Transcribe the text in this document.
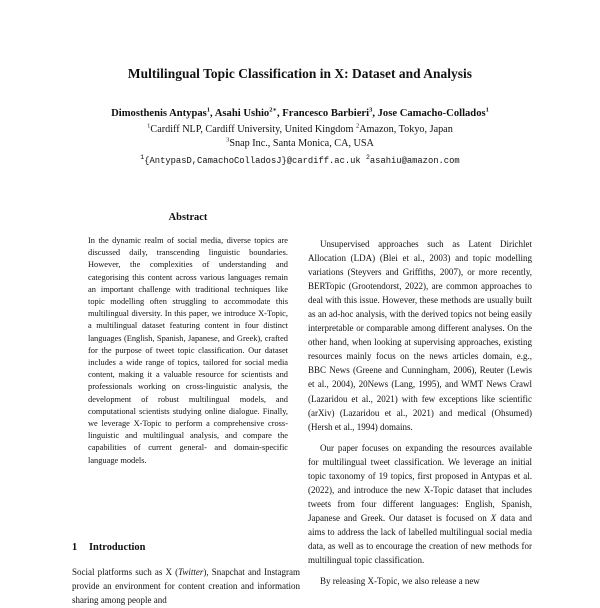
Multilingual Topic Classification in X: Dataset and Analysis
Dimosthenis Antypas$^1$, Asahi Ushio$^{2∗}$, Francesco Barbieri$^3$, Jose Camacho-Collados$^1$
$^1$Cardiff NLP, Cardiff University, United Kingdom $^2$Amazon, Tokyo, Japan
$^3$Snap Inc., Santa Monica, CA, USA
$^1${AntypasD,CamachoColladosJ}@cardiff.ac.uk $^2$asahiu@amazon.com
Abstract
In the dynamic realm of social media, diverse topics are discussed daily, transcending linguistic boundaries. However, the complexities of understanding and categorising this content across various languages remain an important challenge with traditional techniques like topic modelling often struggling to accommodate this multilingual diversity. In this paper, we introduce X-Topic, a multilingual dataset featuring content in four distinct languages (English, Spanish, Japanese, and Greek), crafted for the purpose of tweet topic classification. Our dataset includes a wide range of topics, tailored for social media content, making it a valuable resource for scientists and professionals working on cross-linguistic analysis, the development of robust multilingual models, and computational scientists studying online dialogue. Finally, we leverage X-Topic to perform a comprehensive cross-linguistic and multilingual analysis, and compare the capabilities of current general- and domain-specific language models.
1 Introduction

Social platforms such as X (Twitter), Snapchat and Instagram provide an environment for content creation and information sharing among people and

Unsupervised approaches such as Latent Dirichlet Allocation (LDA) (Blei et al., 2003) and topic modelling variations (Steyvers and Griffiths, 2007), or more recently, BERTopic (Grootendorst, 2022), are common approaches to deal with this issue. However, these methods are usually built as an ad-hoc analysis, with the derived topics not being easily interpretable or comparable among different analyses. On the other hand, when looking at supervising approaches, existing resources mainly focus on the news articles domain, e.g., BBC News (Greene and Cunningham, 2006), Reuter (Lewis et al., 2004), 20News (Lang, 1995), and WMT News Crawl (Lazaridou et al., 2021) with few exceptions like scientific (arXiv) (Lazaridou et al., 2021) and medical (Ohsumed) (Hersh et al., 1994) domains.

Our paper focuses on expanding the resources available for multilingual tweet classification. We leverage an initial topic taxonomy of 19 topics, first proposed in Antypas et al. (2022), and introduce the new X-Topic dataset that includes tweets from four different languages: English, Spanish, Japanese and Greek. Our dataset is focused on X data and aims to address the lack of labelled multilingual social media data, as well as to encourage the creation of new methods for multilingual topic classification.

By releasing X-Topic, we also release a new
